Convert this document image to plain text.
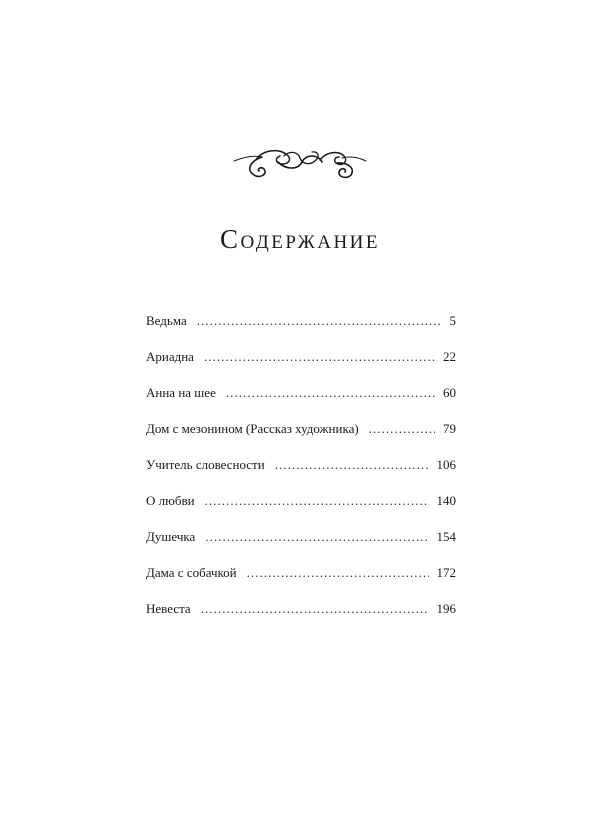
Содержание
Ведьма . . .	5
Ариадна . . .	22
Анна на шее . . .	60
Дом с мезонином (Рассказ художника) . . .	79
Учитель словесности . . .	106
О любви . . .	140
Душечка . . .	154
Дама с собачкой . . .	172
Невеста . . .	196
